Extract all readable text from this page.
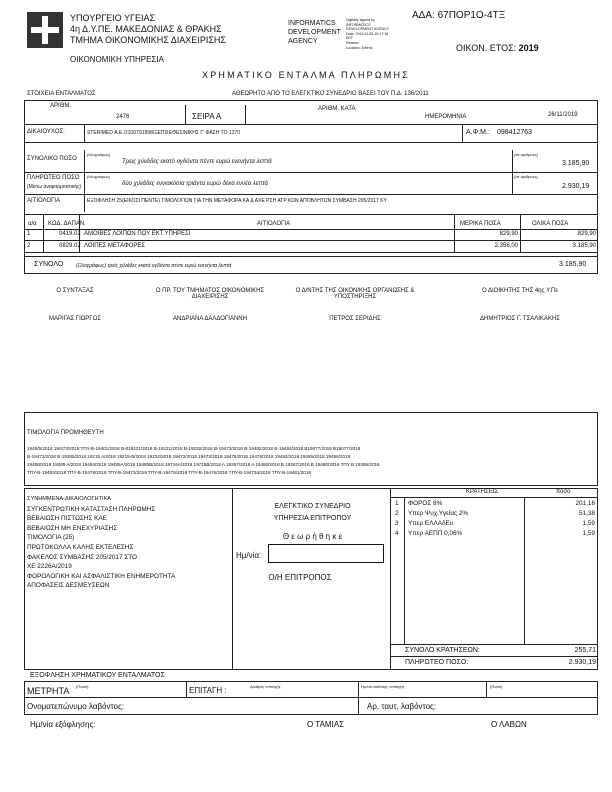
ΥΠΟΥΡΓΕΙΟ ΥΓΕΙΑΣ
4η Δ.Υ.ΠΕ. ΜΑΚΕΔΟΝΙΑΣ & ΘΡΑΚΗΣ
ΤΜΗΜΑ ΟΙΚΟΝΟΜΙΚΗΣ ΔΙΑΧΕΙΡΙΣΗΣ
ΟΙΚΟΝΟΜΙΚΗ ΥΠΗΡΕΣΙΑ
INFORMATICS
DEVELOPMENT
AGENCY
Digitally signed by
INFORMATICS
DEVELOPMENT AGENCY
Date: 2019.11.28 10:17:18
EET
Reason:
Location: Athens
ΑΔΑ: 67ΠΟΡ1Ο-4ΤΞ
ΟΙΚΟΝ. ΕΤΟΣ: 2019
ΧΡΗΜΑΤΙΚΟ ΕΝΤΑΛΜΑ ΠΛΗΡΩΜΗΣ
ΣΤΟΙΧΕΙΑ ΕΝΤΑΛΜΑΤΟΣ	ΑΘΕΩΡΗΤΟ ΑΠΟ ΤΟ ΕΛΕΓΚΤΙΚΟ ΣΥΝΕΔΡΙΟ ΒΑΣΕΙ ΤΟΥ Π.Δ. 136/2011
ΑΡΙΘΜ.
2476	ΣΕΙΡΑ Α
ΑΡΙΘΜ. ΚΑΤΑ
ΗΜΕΡΟΜΗΝΙΑ	26/11/2019
ΔΙΚΑΙΟΥΧΟΣ:	STERIMED Α.Ε./2310791998/ΞΕΠΙΣΕΘΕΣ/ΝΙΚΗΣ Γ' ΦΑΣΗ ΤΟ 1370	Α.Φ.Μ.: 098412763
ΣΥΝΟΛΙΚΟ ΠΟΣΟ
(ολογράφως)
Τρεις χιλιάδες εκατό ογδόντα πέντε ευρώ ενενήντα λεπτά
(σε αριθμούς)
3.185,90
ΠΛΗΡΩΤΕΟ ΠΟΣΟ
(Μέσω ανεφαρμοστικής)
(ολογράφως)
δύο χιλιάδες εννιακόσια τριάντα ευρώ δέκα εννέα λεπτά
(σε αριθμούς)
2.930,19
ΑΙΤΙΟΛΟΓΙΑ	ΕΞΟΦΛΗΣΗ 25(ΕΙΚΟΣΙ ΠΕΝΤΕ) ΤΙΜΟΛΟΓΙΩΝ ΓΙΑ ΤΗΝ ΜΕΤΑΦΟΡΑ ΚΑ & ΑΧΕ ΡΣΗ ΑΤΡ ΚΩΝ ΑΠΟΒΛΗΤΩΝ ΣΥΜΒΑΣΗ 205/2017 ΚΥ
α/α ΚΩΔ. ΔΑΠΑΝ.	ΑΙΤΙΟΛΟΓΙΑ	ΜΕΡΙΚΑ ΠΟΣΑ	ΟΛΙΚΑ ΠΟΣΑ
1	0419.02 ΑΜΟΙΒΕΣ ΛΟΙΠΩΝ ΠΟΥ ΕΚΤ.ΥΠΗΡΕΣΙ	829,90	829,90
2	0829.02 ΛΟΙΠΕΣ ΜΕΤΑΦΟΡΕΣ	2.356,00	3.185,90
ΣΥΝΟΛΟ	(Ολογράφως) τρείς χιλιάδες εκατό ογδόντα πέντε ευρώ ενενήντα λεπτά	3.185,90
Ο ΣΥΝΤΑΞΑΣ	Ο ΠΡ. ΤΟΥ ΤΜΗΜΑΤΟΣ ΟΙΚΟΝΟΜΙΚΗΣ ΔΙΑΧΕΙΡΙΣΗΣ
Ο Δ/ΝΤΗΣ ΤΗΣ ΟΙΚΟΝ/ΚΗΣ ΟΡΓΑΝΩΣΗΣ & ΥΠΟΣΤΗΡΙΞΗΣ
Ο ΔΙΟΙΚΗΤΗΣ ΤΗΣ 4ης Υ.Πε
ΜΑΡΙΓΑΣ ΓΙΩΡΓΟΣ	ΑΝΔΡΙΑΝΑ ΔΑΛΔΟΓΙΑΝΝΗ	ΠΕΤΡΟΣ ΣΕΡΙΔΗΣ	ΔΗΜΗΤΡΙΟΣ Γ. ΤΣΑΛΙΚΑΚΗΣ
ΤΙΜΟΛΟΓΙΑ ΠΡΟΜΗΘΕΥΤΗ
1948/5/2018 19/473/2018 ΤΠΥ-Β-19401/2018 Β-019221/2018 Β-19221/2018 Β-19232/2018 Β-19473/2018 Β-19482/2018 Β-19484/2018 Β19077/2018 Β19077/2018
Β-19472/2018 Β-19285/2018 19215 Α/2018 19215-Β/2018 19232/2018 19472/2018 19473/2018 19476/2018 19478/2018 19482/2018 19485/2018 19486/2018
19488/2018 19489 Α/2018 19484/2018 19485Α/2018 19485Β/2018 19716Α/2018 19716Β/2018 Α 19267/2018 Α 19480/2018 Β 19267/2018 Β 19480/2018 ΤΠΥ Β 19265/2018
ΤΠΥ-Β-19483/2018 ΤΠΥ-Β-19479/2018 ΤΠΥ-Β-19473/2018 ΤΠΥ-Β-19479/2018 ΤΠΥ-Β-19476/2018 ΤΠΥ-Β-19473α/2018 ΤΠΥ-Β-19481/2018
ΣΥΝΗΜΜΕΝΑ-ΔΙΚΑΙΟΛΟΓΗΤΙΚΑ
ΣΥΓΚΕΝΤΡΩΤΙΚΗ ΚΑΤΑΣΤΑΣΗ ΠΛΗΡΩΜΗΣ
ΒΕΒΑΙΩΣΗ ΠΙΣΤΩΣΗΣ ΚΑΕ
ΒΕΒΑΙΩΣΗ ΜΗ ΕΝΕΧΥΡΙΑΣΗΣ
ΤΙΜΟΛΟΓΙΑ (25)
ΠΡΩΤΟΚΟΛΛΑ ΚΑΛΗΣ ΕΚΤΕΛΕΣΗΣ
ΦΑΚΕΛΟΣ ΣΥΜΒΑΣΗΣ 205/2017 ΣΤΟ
ΧΕ 2226Α/2019
ΦΟΡΟΛΟΓΙΚΗ ΚΑΙ ΑΣΦΑΛΙΣΤΙΚΗ ΕΝΗΜΕΡΟΤΗΤΑ
ΑΠΟΦΑΣΕΙΣ ΔΕΣΜΕΥΣΕΩΝ
ΕΛΕΓΚΤΙΚΟ ΣΥΝΕΔΡΙΟ
ΥΠΗΡΕΣΙΑ ΕΠΙΤΡΟΠΟΥ
Θ ε ω ρ ή θ η κ ε
Ημ/νία:
Ο/Η ΕΠΙΤΡΟΠΟΣ
ΚΡΑΤΗΣΕΙΣ	ποσό
1 ΦΟΡΟΣ 8%	201,16
2 Υπερ Ψυχ.Υγείας 2%	51,38
3 Υπερ ΕΛΛΑδΕυ	1,59
4 Υπερ ΑΕΠΠ 0,06%	1,59
ΣΥΝΟΛΟ ΚΡΑΤΗΣΕΩΝ:	255,71
ΠΛΗΡΩΤΕΟ ΠΟΣΟ:	2.930,19
ΕΞΟΦΛΗΣΗ ΧΡΗΜΑΤΙΚΟΥ ΕΝΤΑΛΜΑΤΟΣ
ΜΕΤΡΗΤΑ (Ποσό)	ΕΠΙΤΑΓΗ :	Αριθμός επιταγής	Ημ/νία έκδοσης επιταγής	(Ποσό)
Ονοματεπώνυμο λαβόντος:	Αρ. ταυτ. λαβόντος:
Ημ/νία εξόφλησης:	Ο ΤΑΜΙΑΣ	Ο ΛΑΒΩΝ
